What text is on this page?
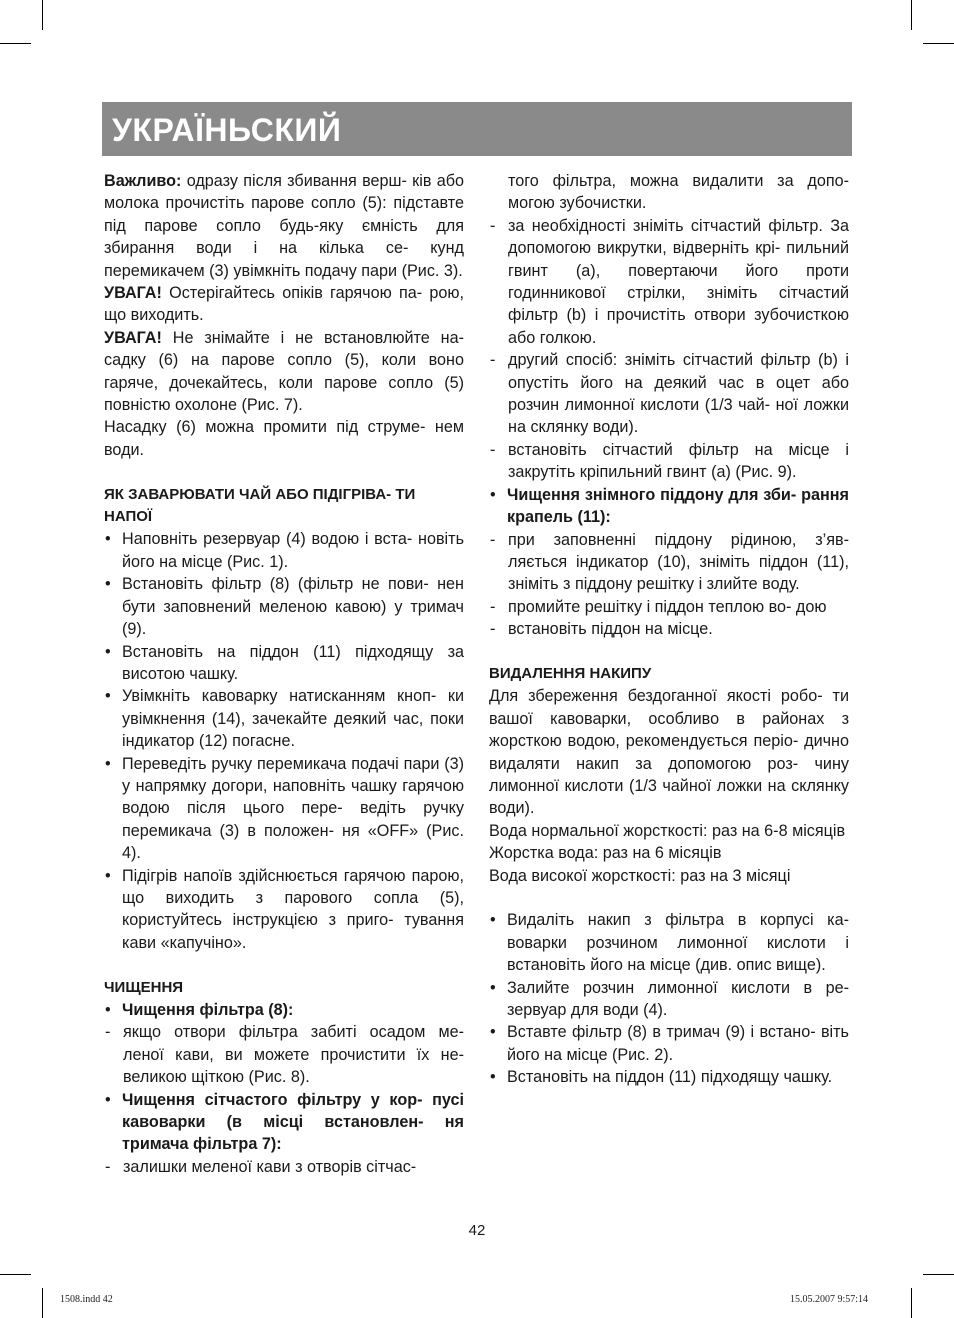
УКРАЇНЬСКИЙ

Важливо: одразу після збивання верш- ків або молока прочистіть парове сопло (5): підставте під парове сопло будь-яку ємність для збирання води і на кілька се- кунд перемикачем (3) увімкніть подачу пари (Рис. 3).

УВАГА! Остерігайтесь опіків гарячою па- рою, що виходить.

УВАГА! Не знімайте і не встановлюйте на- садку (6) на парове сопло (5), коли воно гаряче, дочекайтесь, коли парове сопло (5) повністю охолоне (Рис. 7).

Насадку (6) можна промити під струме- нем води.

ЯК ЗАВАРЮВАТИ ЧАЙ АБО ПІДІГРІВА- ТИ НАПОЇ

• Наповніть резервуар (4) водою і вста- новіть його на місце (Рис. 1).

• Встановіть фільтр (8) (фільтр не пови- нен бути заповнений меленою кавою) у тримач (9).

• Встановіть на піддон (11) підходящу за висотою чашку.

• Увімкніть кавоварку натисканням кноп- ки увімкнення (14), зачекайте деякий час, поки індикатор (12) погасне.

• Переведіть ручку перемикача подачі пари (3) у напрямку догори, наповніть чашку гарячою водою після цього пере- ведіть ручку перемикача (3) в положен- ня «OFF» (Рис. 4).

• Підігрів напоїв здійснюється гарячою парою, що виходить з парового сопла (5), користуйтесь інструкцією з приго- тування кави «капучіно».

ЧИЩЕННЯ

• Чищення фільтра (8):

- якщо отвори фільтра забиті осадом ме- леної кави, ви можете прочистити їх не- великою щіткою (Рис. 8).

• Чищення сітчастого фільтру у кор- пусі кавоварки (в місці встановлен- ня тримача фільтра 7):

- залишки меленої кави з отворів сітчас-

того фільтра, можна видалити за допо- могою зубочистки.

- за необхідності зніміть сітчастий фільтр. За допомогою викрутки, відверніть крі- пильний гвинт (а), повертаючи його проти годинникової стрілки, зніміть сітчастий фільтр (b) і прочистіть отвори зубочисткою або голкою.

- другий спосіб: зніміть сітчастий фільтр (b) і опустіть його на деякий час в оцет або розчин лимонної кислоти (1/3 чай- ної ложки на склянку води).

- встановіть сітчастий фільтр на місце і закрутіть кріпильний гвинт (а) (Рис. 9).

• Чищення знімного піддону для зби- рання крапель (11):

- при заповненні піддону рідиною, з’яв- ляється індикатор (10), зніміть піддон (11), зніміть з піддону решітку і злийте воду.

- промийте решітку і піддон теплою во- дою

- встановіть піддон на місце.

ВИДАЛЕННЯ НАКИПУ

Для збереження бездоганної якості робо- ти вашої кавоварки, особливо в районах з жорсткою водою, рекомендується періо- дично видаляти накип за допомогою роз- чину лимонної кислоти (1/3 чайної ложки на склянку води).

Вода нормальної жорсткості: раз на 6-8 місяців

Жорстка вода: раз на 6 місяців

Вода високої жорсткості: раз на 3 місяці

• Видаліть накип з фільтра в корпусі ка- воварки розчином лимонної кислоти і встановіть його на місце (див. опис вище).

• Залийте розчин лимонної кислоти в ре- зервуар для води (4).

• Вставте фільтр (8) в тримач (9) і встано- віть його на місце (Рис. 2).

• Встановіть на піддон (11) підходящу чашку.

42
1508.indd 42	15.05.2007 9:57:14
